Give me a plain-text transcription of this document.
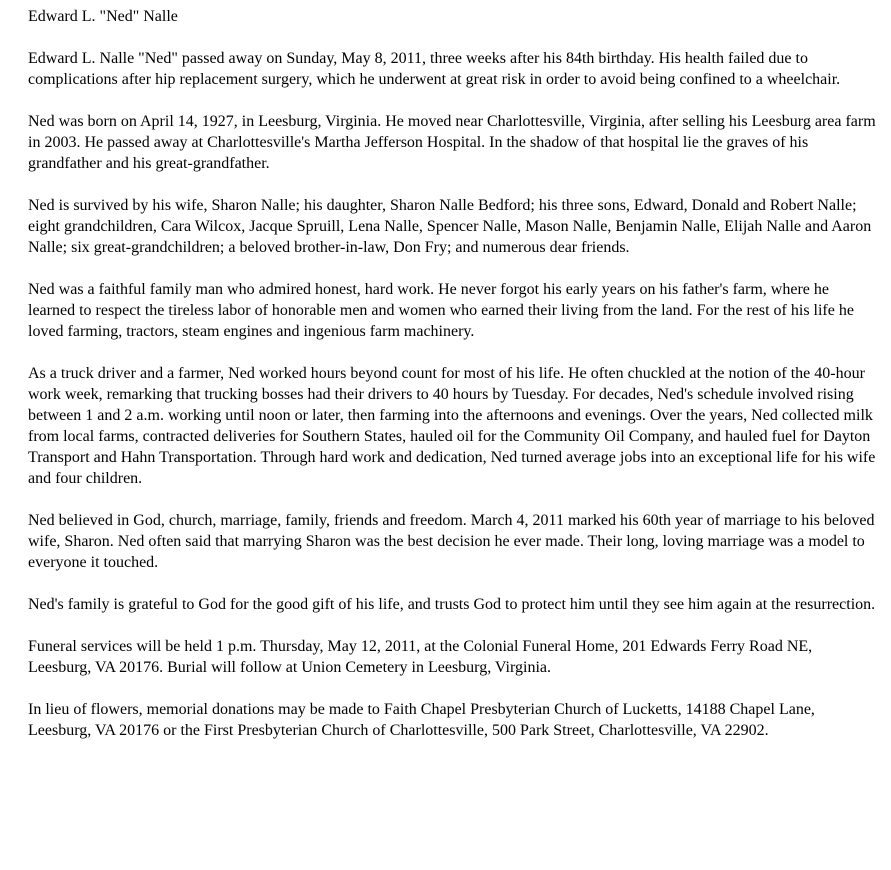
Edward L. "Ned" Nalle

Edward L. Nalle "Ned" passed away on Sunday, May 8, 2011, three weeks after his 84th birthday. His health failed due to complications after hip replacement surgery, which he underwent at great risk in order to avoid being confined to a wheelchair.

Ned was born on April 14, 1927, in Leesburg, Virginia. He moved near Charlottesville, Virginia, after selling his Leesburg area farm in 2003. He passed away at Charlottesville's Martha Jefferson Hospital. In the shadow of that hospital lie the graves of his grandfather and his great-grandfather.

Ned is survived by his wife, Sharon Nalle; his daughter, Sharon Nalle Bedford; his three sons, Edward, Donald and Robert Nalle; eight grandchildren, Cara Wilcox, Jacque Spruill, Lena Nalle, Spencer Nalle, Mason Nalle, Benjamin Nalle, Elijah Nalle and Aaron Nalle; six great-grandchildren; a beloved brother-in-law, Don Fry; and numerous dear friends.

Ned was a faithful family man who admired honest, hard work. He never forgot his early years on his father's farm, where he learned to respect the tireless labor of honorable men and women who earned their living from the land. For the rest of his life he loved farming, tractors, steam engines and ingenious farm machinery.

As a truck driver and a farmer, Ned worked hours beyond count for most of his life. He often chuckled at the notion of the 40-hour work week, remarking that trucking bosses had their drivers to 40 hours by Tuesday. For decades, Ned's schedule involved rising between 1 and 2 a.m. working until noon or later, then farming into the afternoons and evenings. Over the years, Ned collected milk from local farms, contracted deliveries for Southern States, hauled oil for the Community Oil Company, and hauled fuel for Dayton Transport and Hahn Transportation. Through hard work and dedication, Ned turned average jobs into an exceptional life for his wife and four children.

Ned believed in God, church, marriage, family, friends and freedom. March 4, 2011 marked his 60th year of marriage to his beloved wife, Sharon. Ned often said that marrying Sharon was the best decision he ever made. Their long, loving marriage was a model to everyone it touched.

Ned's family is grateful to God for the good gift of his life, and trusts God to protect him until they see him again at the resurrection.

Funeral services will be held 1 p.m. Thursday, May 12, 2011, at the Colonial Funeral Home, 201 Edwards Ferry Road NE, Leesburg, VA 20176. Burial will follow at Union Cemetery in Leesburg, Virginia.

In lieu of flowers, memorial donations may be made to Faith Chapel Presbyterian Church of Lucketts, 14188 Chapel Lane, Leesburg, VA 20176 or the First Presbyterian Church of Charlottesville, 500 Park Street, Charlottesville, VA 22902.
